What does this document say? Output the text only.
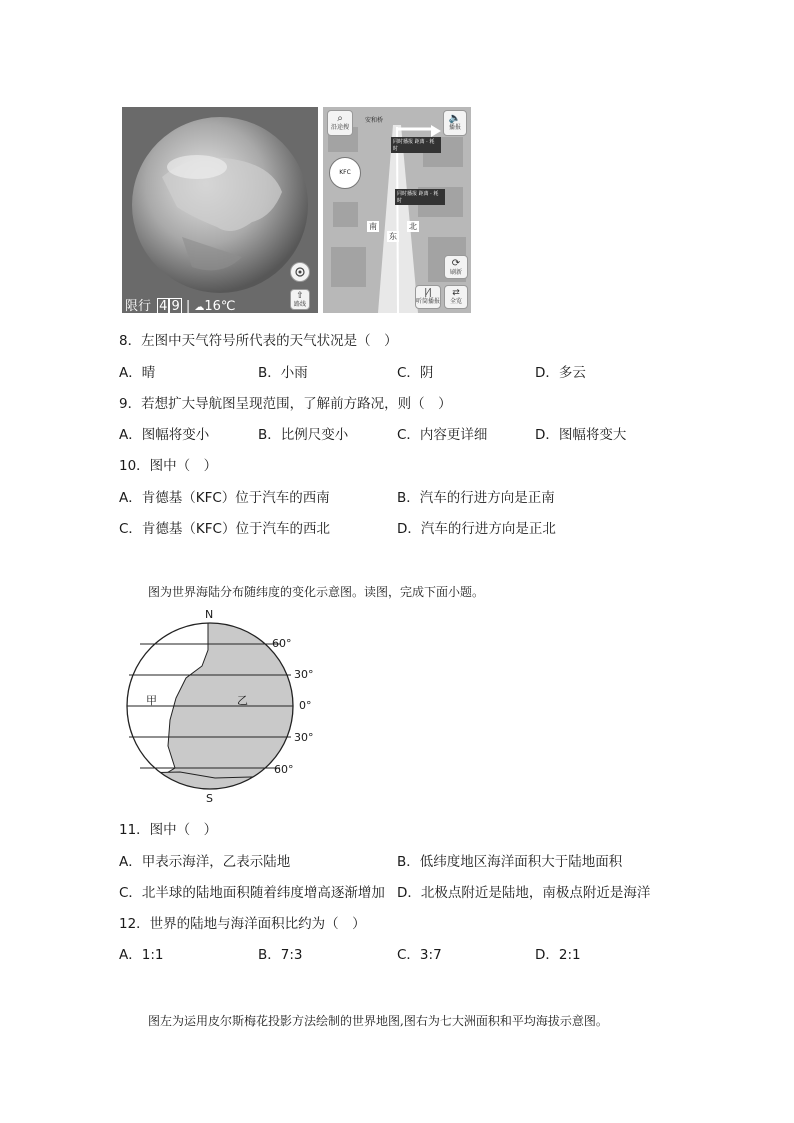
⇧
路线
限行 4 9 | ☁16℃
⌕
沿途搜
🔈
播报
安和桥
同时播报 距离 · 耗时
同时播报 距离 · 耗时
KFC
南	北
东
⟳
刷新
|⁄|
听筒播报
⇄
全览
8．左图中天气符号所代表的天气状况是（　）
A．晴	B．小雨	C．阴	D．多云
9．若想扩大导航图呈现范围，了解前方路况，则（　）
A．图幅将变小	B．比例尺变小	C．内容更详细	D．图幅将变大
10．图中（　）
A．肯德基（KFC）位于汽车的西南	B．汽车的行进方向是正南
C．肯德基（KFC）位于汽车的西北	D．汽车的行进方向是正北
图为世界海陆分布随纬度的变化示意图。读图，完成下面小题。
N
S
60°
30°
0°
30°
60°
甲	乙
11．图中（　）
A．甲表示海洋，乙表示陆地	B．低纬度地区海洋面积大于陆地面积
C．北半球的陆地面积随着纬度增高逐渐增加 D．北极点附近是陆地，南极点附近是海洋
12．世界的陆地与海洋面积比约为（　）
A．1:1	B．7:3	C．3:7	D．2:1
图左为运用皮尔斯梅花投影方法绘制的世界地图,图右为七大洲面积和平均海拔示意图。
